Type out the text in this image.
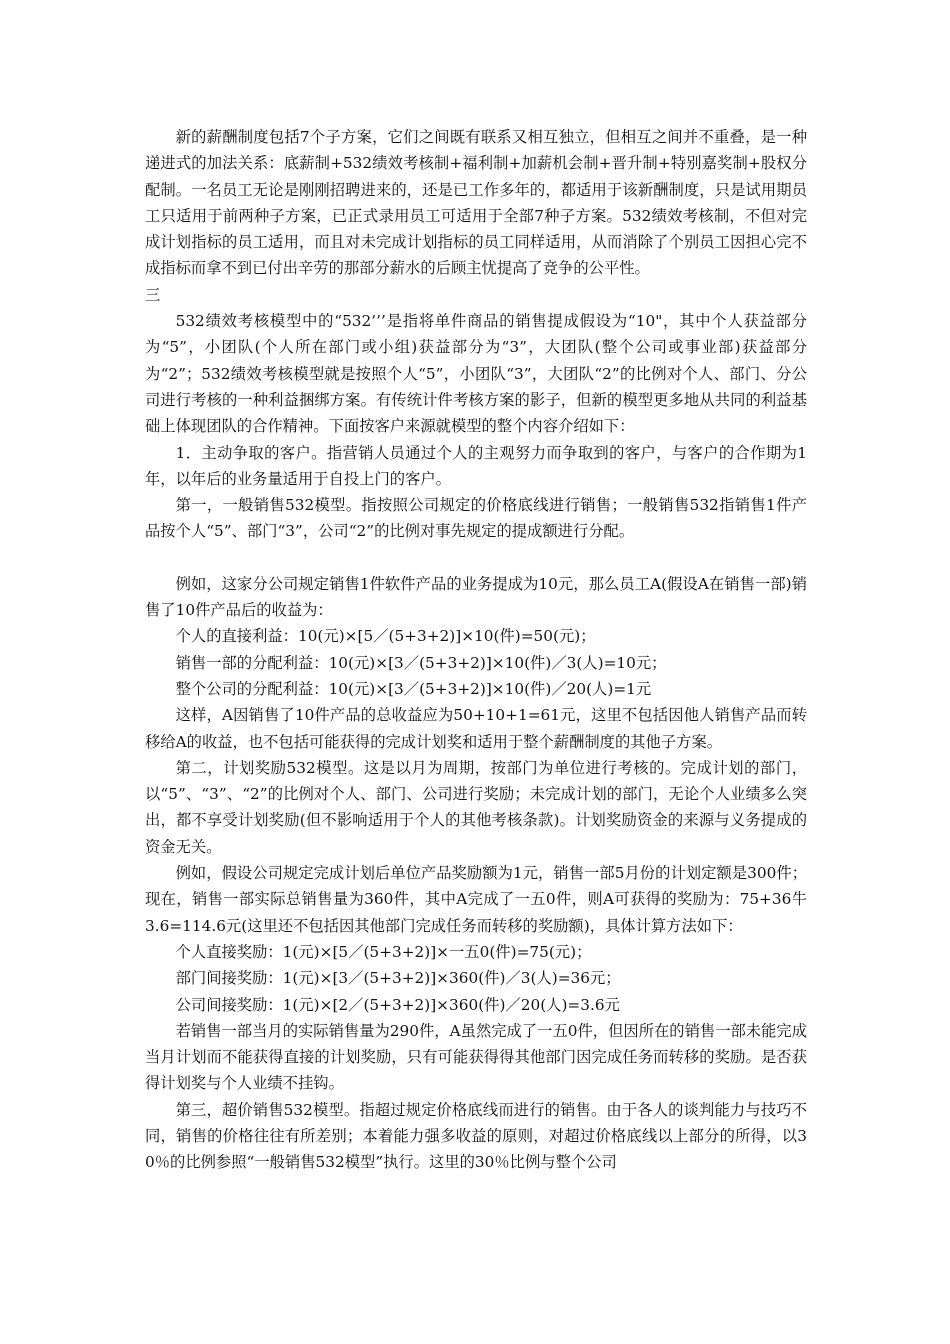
新的薪酬制度包括7个子方案，它们之间既有联系又相互独立，但相互之间并不重叠，是一种递进式的加法关系：底薪制+532绩效考核制+福利制+加薪机会制+晋升制+特别嘉奖制+股权分配制。一名员工无论是刚刚招聘进来的，还是已工作多年的，都适用于该新酬制度，只是试用期员工只适用于前两种子方案，已正式录用员工可适用于全部7种子方案。532绩效考核制，不但对完成计划指标的员工适用，而且对未完成计划指标的员工同样适用，从而消除了个别员工因担心完不成指标而拿不到已付出辛劳的那部分薪水的后顾主忧提高了竞争的公平性。

三

532绩效考核模型中的“532’’’是指将单件商品的销售提成假设为“10"，其中个人获益部分为“5”，小团队(个人所在部门或小组)获益部分为“3”，大团队(整个公司或事业部)获益部分为“2”；532绩效考核模型就是按照个人“5”，小团队“3”，大团队“2”的比例对个人、部门、分公司进行考核的一种利益捆绑方案。有传统计件考核方案的影子，但新的模型更多地从共同的利益基础上体现团队的合作精神。下面按客户来源就模型的整个内容介绍如下：

1．主动争取的客户。指营销人员通过个人的主观努力而争取到的客户，与客户的合作期为1年，以年后的业务量适用于自投上门的客户。

第一，一般销售532模型。指按照公司规定的价格底线进行销售；一般销售532指销售1件产品按个人“5”、部门“3”，公司“2”的比例对事先规定的提成额进行分配。

例如，这家分公司规定销售1件软件产品的业务提成为10元，那么员工A(假设A在销售一部)销售了10件产品后的收益为：

个人的直接利益：10(元)×[5／(5+3+2)]×10(件)=50(元)；

销售一部的分配利益：10(元)×[3／(5+3+2)]×10(件)／3(人)=10元；

整个公司的分配利益：10(元)×[3／(5+3+2)]×10(件)／20(人)=1元

这样，A因销售了10件产品的总收益应为50+10+1=61元，这里不包括因他人销售产品而转移给A的收益，也不包括可能获得的完成计划奖和适用于整个薪酬制度的其他子方案。

第二，计划奖励532模型。这是以月为周期，按部门为单位进行考核的。完成计划的部门，以“5”、“3”、“2”的比例对个人、部门、公司进行奖励；未完成计划的部门，无论个人业绩多么突出，都不享受计划奖励(但不影响适用于个人的其他考核条款)。计划奖励资金的来源与义务提成的资金无关。

例如，假设公司规定完成计划后单位产品奖励额为1元，销售一部5月份的计划定额是300件；现在，销售一部实际总销售量为360件，其中A完成了一五0件，则A可获得的奖励为：75+36牛3.6=114.6元(这里还不包括因其他部门完成任务而转移的奖励额)，具体计算方法如下：

个人直接奖励：1(元)×[5／(5+3+2)]×一五0(件)=75(元)；

部门间接奖励：1(元)×[3／(5+3+2)]×360(件)／3(人)=36元；

公司间接奖励：1(元)×[2／(5+3+2)]×360(件)／20(人)=3.6元

若销售一部当月的实际销售量为290件，A虽然完成了一五0件，但因所在的销售一部未能完成当月计划而不能获得直接的计划奖励，只有可能获得得其他部门因完成任务而转移的奖励。是否获得计划奖与个人业绩不挂钩。

第三，超价销售532模型。指超过规定价格底线而进行的销售。由于各人的谈判能力与技巧不同，销售的价格往往有所差别；本着能力强多收益的原则，对超过价格底线以上部分的所得，以30％的比例参照“一般销售532模型”执行。这里的30％比例与整个公司
